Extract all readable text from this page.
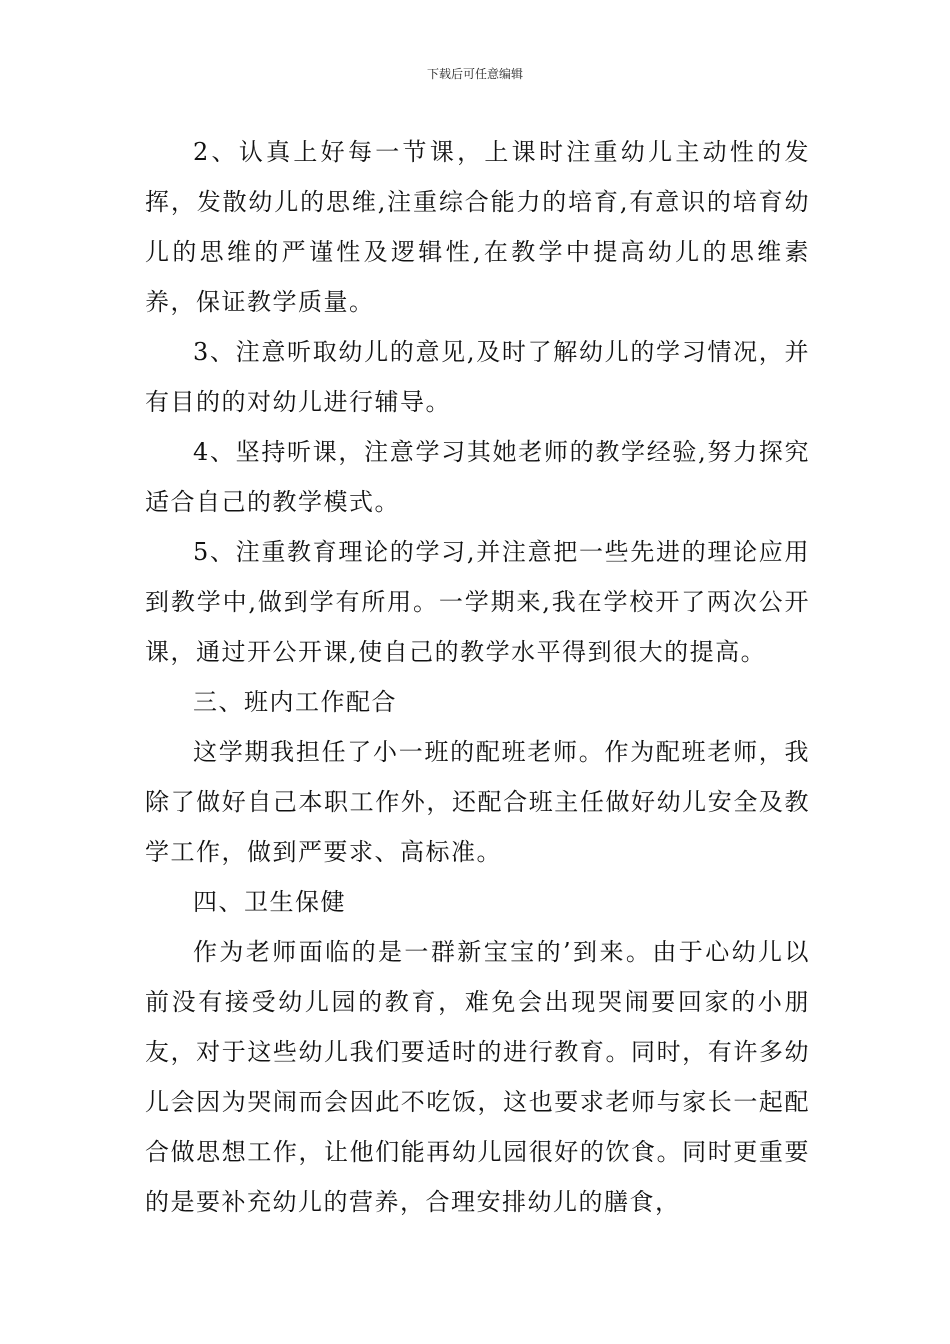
下载后可任意编辑

2、认真上好每一节课，上课时注重幼儿主动性的发挥，发散幼儿的思维,注重综合能力的培育,有意识的培育幼儿的思维的严谨性及逻辑性,在教学中提高幼儿的思维素养，保证教学质量。

3、注意听取幼儿的意见,及时了解幼儿的学习情况，并有目的的对幼儿进行辅导。

4、坚持听课，注意学习其她老师的教学经验,努力探究适合自己的教学模式。

5、注重教育理论的学习,并注意把一些先进的理论应用到教学中,做到学有所用。一学期来,我在学校开了两次公开课，通过开公开课,使自己的教学水平得到很大的提高。

三、班内工作配合

这学期我担任了小一班的配班老师。作为配班老师，我除了做好自己本职工作外，还配合班主任做好幼儿安全及教学工作，做到严要求、高标准。

四、卫生保健

作为老师面临的是一群新宝宝的’到来。由于心幼儿以前没有接受幼儿园的教育，难免会出现哭闹要回家的小朋友，对于这些幼儿我们要适时的进行教育。同时，有许多幼儿会因为哭闹而会因此不吃饭，这也要求老师与家长一起配合做思想工作，让他们能再幼儿园很好的饮食。同时更重要的是要补充幼儿的营养，合理安排幼儿的膳食，
